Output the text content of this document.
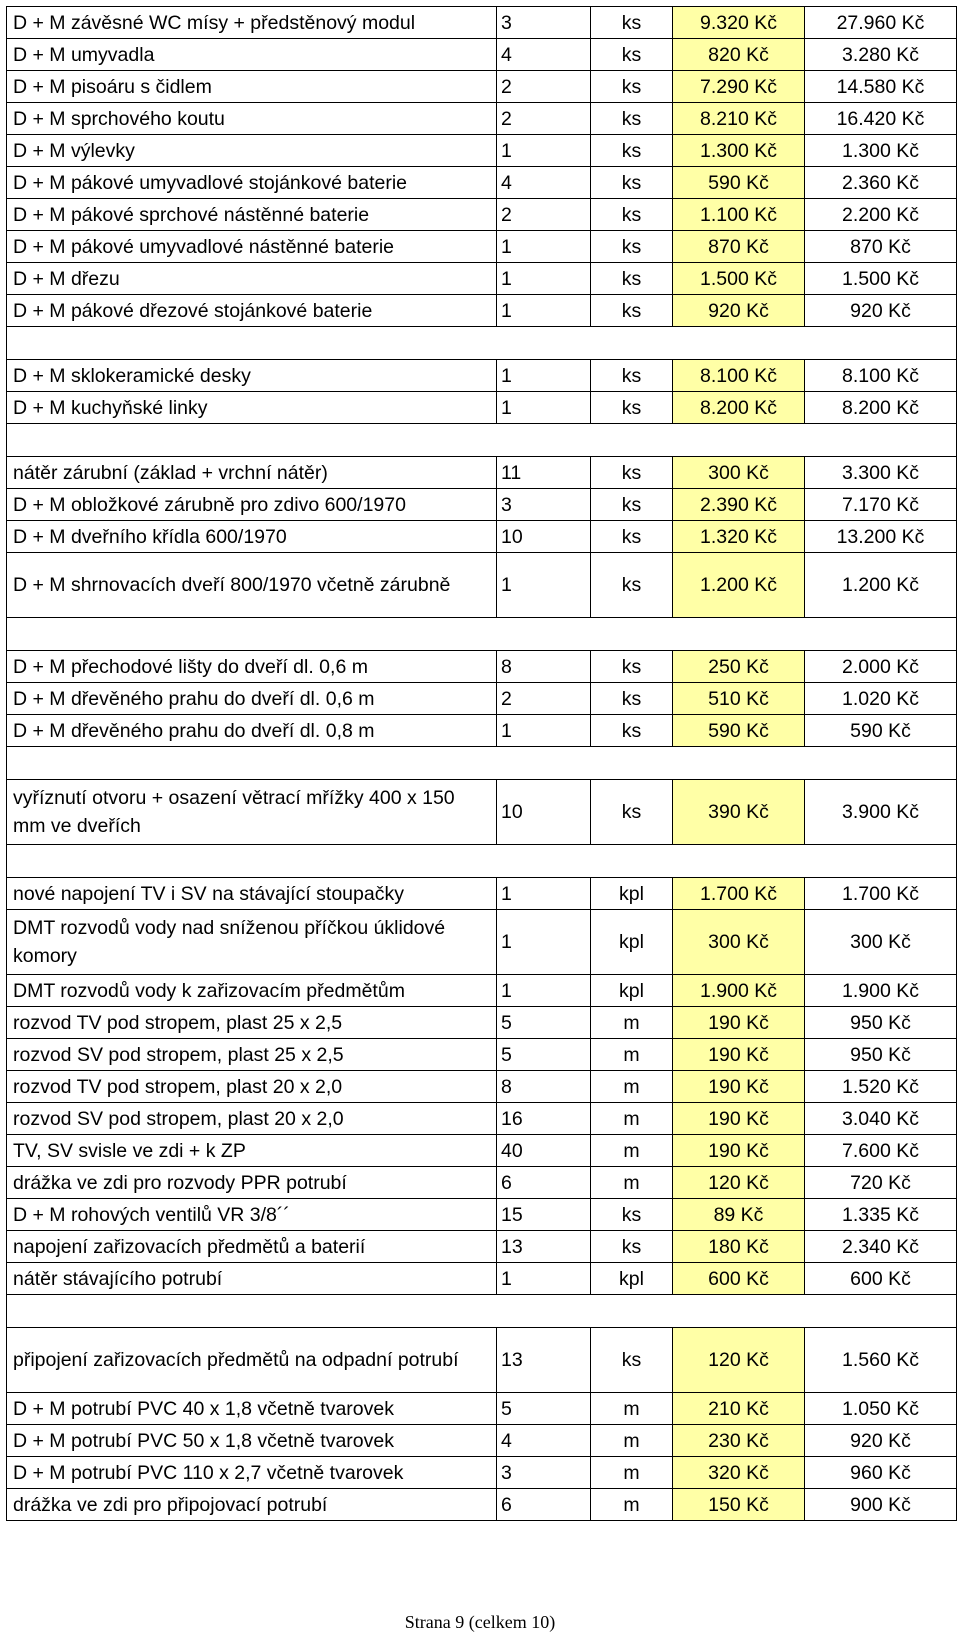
D + M závěsné WC mísy + předstěnový modul	3	ks	9.320 Kč	27.960 Kč
D + M umyvadla	4	ks	820 Kč	3.280 Kč
D + M pisoáru s čidlem	2	ks	7.290 Kč	14.580 Kč
D + M sprchového koutu	2	ks	8.210 Kč	16.420 Kč
D + M výlevky	1	ks	1.300 Kč	1.300 Kč
D + M pákové umyvadlové stojánkové baterie	4	ks	590 Kč	2.360 Kč
D + M pákové sprchové nástěnné baterie	2	ks	1.100 Kč	2.200 Kč
D + M pákové umyvadlové nástěnné baterie	1	ks	870 Kč	870 Kč
D + M dřezu	1	ks	1.500 Kč	1.500 Kč
D + M pákové dřezové stojánkové baterie	1	ks	920 Kč	920 Kč

D + M sklokeramické desky	1	ks	8.100 Kč	8.100 Kč
D + M kuchyňské linky	1	ks	8.200 Kč	8.200 Kč

nátěr zárubní (základ + vrchní nátěr)	11	ks	300 Kč	3.300 Kč
D + M obložkové zárubně pro zdivo 600/1970	3	ks	2.390 Kč	7.170 Kč
D + M dveřního křídla 600/1970	10	ks	1.320 Kč	13.200 Kč
D + M shrnovacích dveří 800/1970 včetně zárubně	1	ks	1.200 Kč	1.200 Kč

D + M přechodové lišty do dveří dl. 0,6 m	8	ks	250 Kč	2.000 Kč
D + M dřevěného prahu do dveří dl. 0,6 m	2	ks	510 Kč	1.020 Kč
D + M dřevěného prahu do dveří dl. 0,8 m	1	ks	590 Kč	590 Kč

vyříznutí otvoru + osazení větrací mřížky 400 x 150 mm ve dveřích	10	ks	390 Kč	3.900 Kč

nové napojení TV i SV na stávající stoupačky	1	kpl	1.700 Kč	1.700 Kč
DMT rozvodů vody nad sníženou příčkou úklidové komory	1	kpl	300 Kč	300 Kč
DMT rozvodů vody k zařizovacím předmětům	1	kpl	1.900 Kč	1.900 Kč
rozvod TV pod stropem, plast 25 x 2,5	5	m	190 Kč	950 Kč
rozvod SV pod stropem, plast 25 x 2,5	5	m	190 Kč	950 Kč
rozvod TV pod stropem, plast 20 x 2,0	8	m	190 Kč	1.520 Kč
rozvod SV pod stropem, plast 20 x 2,0	16	m	190 Kč	3.040 Kč
TV, SV svisle ve zdi + k ZP	40	m	190 Kč	7.600 Kč
drážka ve zdi pro rozvody PPR potrubí	6	m	120 Kč	720 Kč
D + M rohových ventilů VR 3/8´´	15	ks	89 Kč	1.335 Kč
napojení zařizovacích předmětů a baterií	13	ks	180 Kč	2.340 Kč
nátěr stávajícího potrubí	1	kpl	600 Kč	600 Kč

připojení zařizovacích předmětů na odpadní potrubí	13	ks	120 Kč	1.560 Kč
D + M potrubí PVC 40 x 1,8 včetně tvarovek	5	m	210 Kč	1.050 Kč
D + M potrubí PVC 50 x 1,8 včetně tvarovek	4	m	230 Kč	920 Kč
D + M potrubí PVC 110 x 2,7 včetně tvarovek	3	m	320 Kč	960 Kč
drážka ve zdi pro připojovací potrubí	6	m	150 Kč	900 Kč
Strana 9 (celkem 10)
